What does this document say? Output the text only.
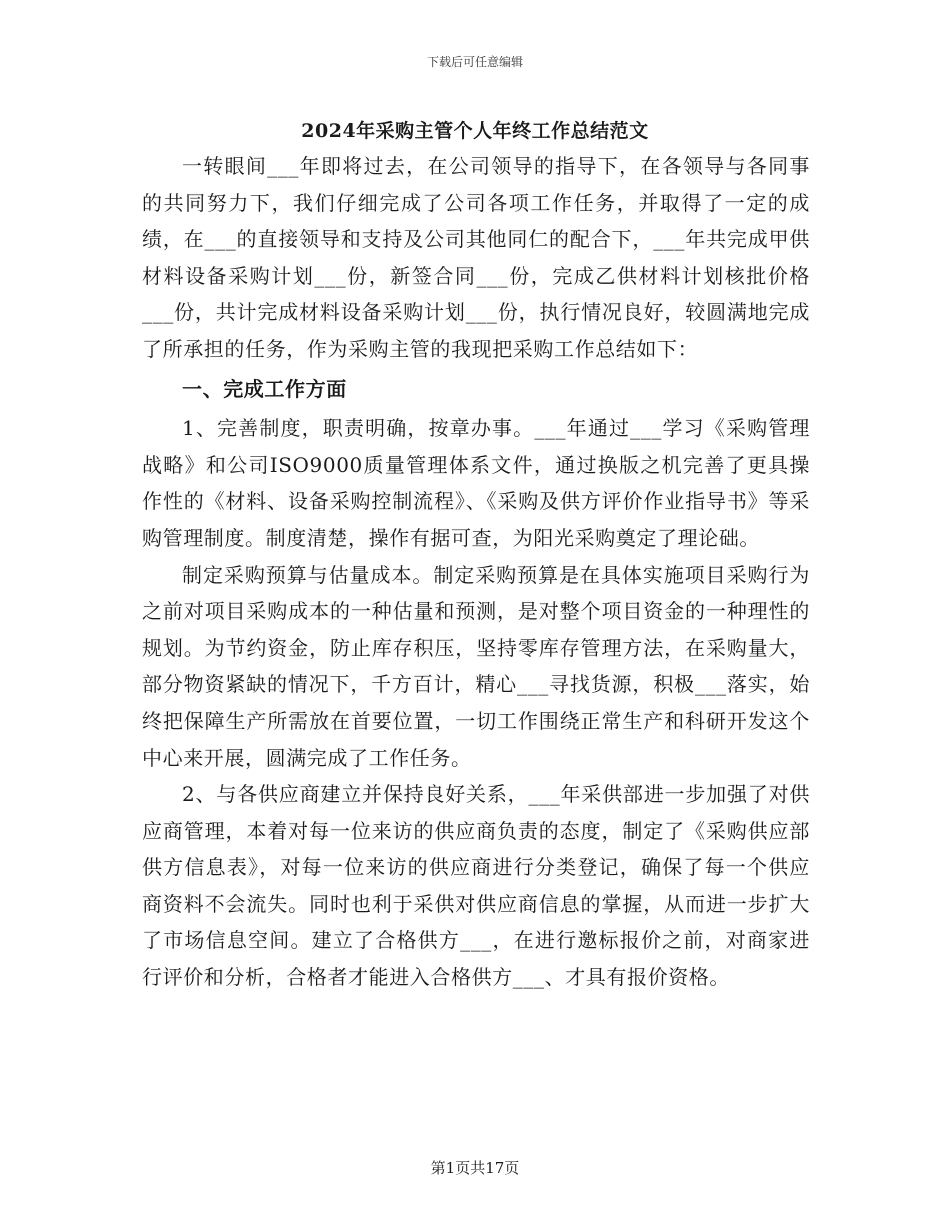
下载后可任意编辑
2024年采购主管个人年终工作总结范文

一转眼间___年即将过去，在公司领导的指导下，在各领导与各同事的共同努力下，我们仔细完成了公司各项工作任务，并取得了一定的成绩，在___的直接领导和支持及公司其他同仁的配合下，___年共完成甲供材料设备采购计划___份，新签合同___份，完成乙供材料计划核批价格___份，共计完成材料设备采购计划___份，执行情况良好，较圆满地完成了所承担的任务，作为采购主管的我现把采购工作总结如下：

一、完成工作方面

1、完善制度，职责明确，按章办事。___年通过___学习《采购管理战略》和公司ISO9000质量管理体系文件，通过换版之机完善了更具操作性的《材料、设备采购控制流程》、《采购及供方评价作业指导书》等采购管理制度。制度清楚，操作有据可查，为阳光采购奠定了理论础。

制定采购预算与估量成本。制定采购预算是在具体实施项目采购行为之前对项目采购成本的一种估量和预测，是对整个项目资金的一种理性的规划。为节约资金，防止库存积压，坚持零库存管理方法，在采购量大，部分物资紧缺的情况下，千方百计，精心___寻找货源，积极___落实，始终把保障生产所需放在首要位置，一切工作围绕正常生产和科研开发这个中心来开展，圆满完成了工作任务。

2、与各供应商建立并保持良好关系，___年采供部进一步加强了对供应商管理，本着对每一位来访的供应商负责的态度，制定了《采购供应部供方信息表》，对每一位来访的供应商进行分类登记，确保了每一个供应商资料不会流失。同时也利于采供对供应商信息的掌握，从而进一步扩大了市场信息空间。建立了合格供方___，在进行邀标报价之前，对商家进行评价和分析，合格者才能进入合格供方___、才具有报价资格。

第1页共17页
